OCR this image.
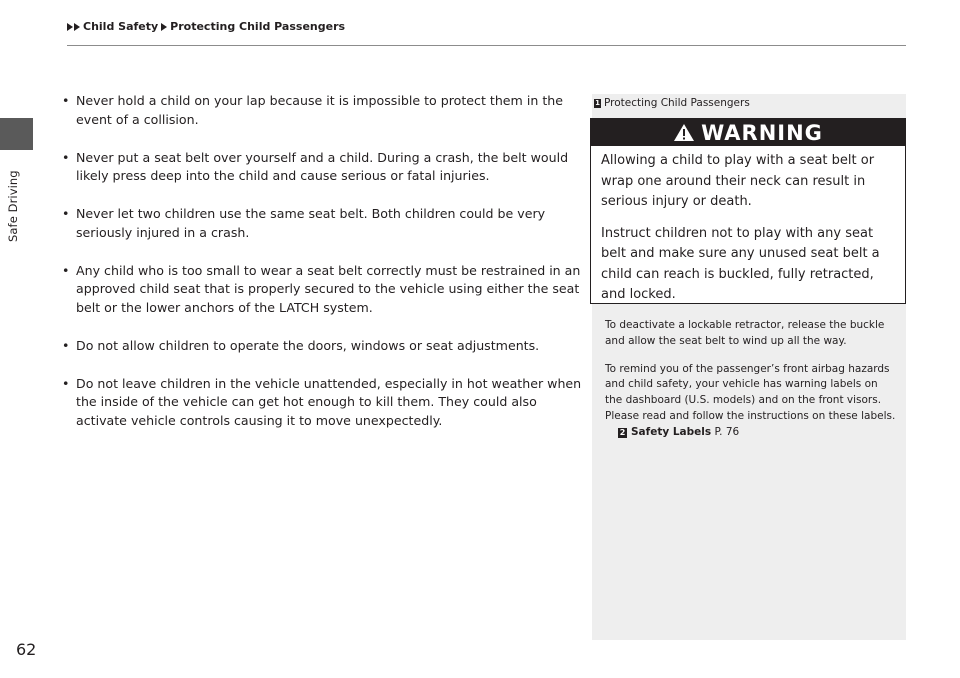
Safe Driving
Child Safety Protecting Child Passengers
• Never hold a child on your lap because it is impossible to protect them in the event of a collision.
• Never put a seat belt over yourself and a child. During a crash, the belt would likely press deep into the child and cause serious or fatal injuries.
• Never let two children use the same seat belt. Both children could be very seriously injured in a crash.
• Any child who is too small to wear a seat belt correctly must be restrained in an approved child seat that is properly secured to the vehicle using either the seat belt or the lower anchors of the LATCH system.
• Do not allow children to operate the doors, windows or seat adjustments.
• Do not leave children in the vehicle unattended, especially in hot weather when the inside of the vehicle can get hot enough to kill them. They could also activate vehicle controls causing it to move unexpectedly.
1 Protecting Child Passengers
WARNING

Allowing a child to play with a seat belt or wrap one around their neck can result in serious injury or death.

Instruct children not to play with any seat belt and make sure any unused seat belt a child can reach is buckled, fully retracted, and locked.

To deactivate a lockable retractor, release the buckle and allow the seat belt to wind up all the way.

To remind you of the passenger’s front airbag hazards and child safety, your vehicle has warning labels on the dashboard (U.S. models) and on the front visors. Please read and follow the instructions on these labels.
2 Safety Labels P. 76

62
